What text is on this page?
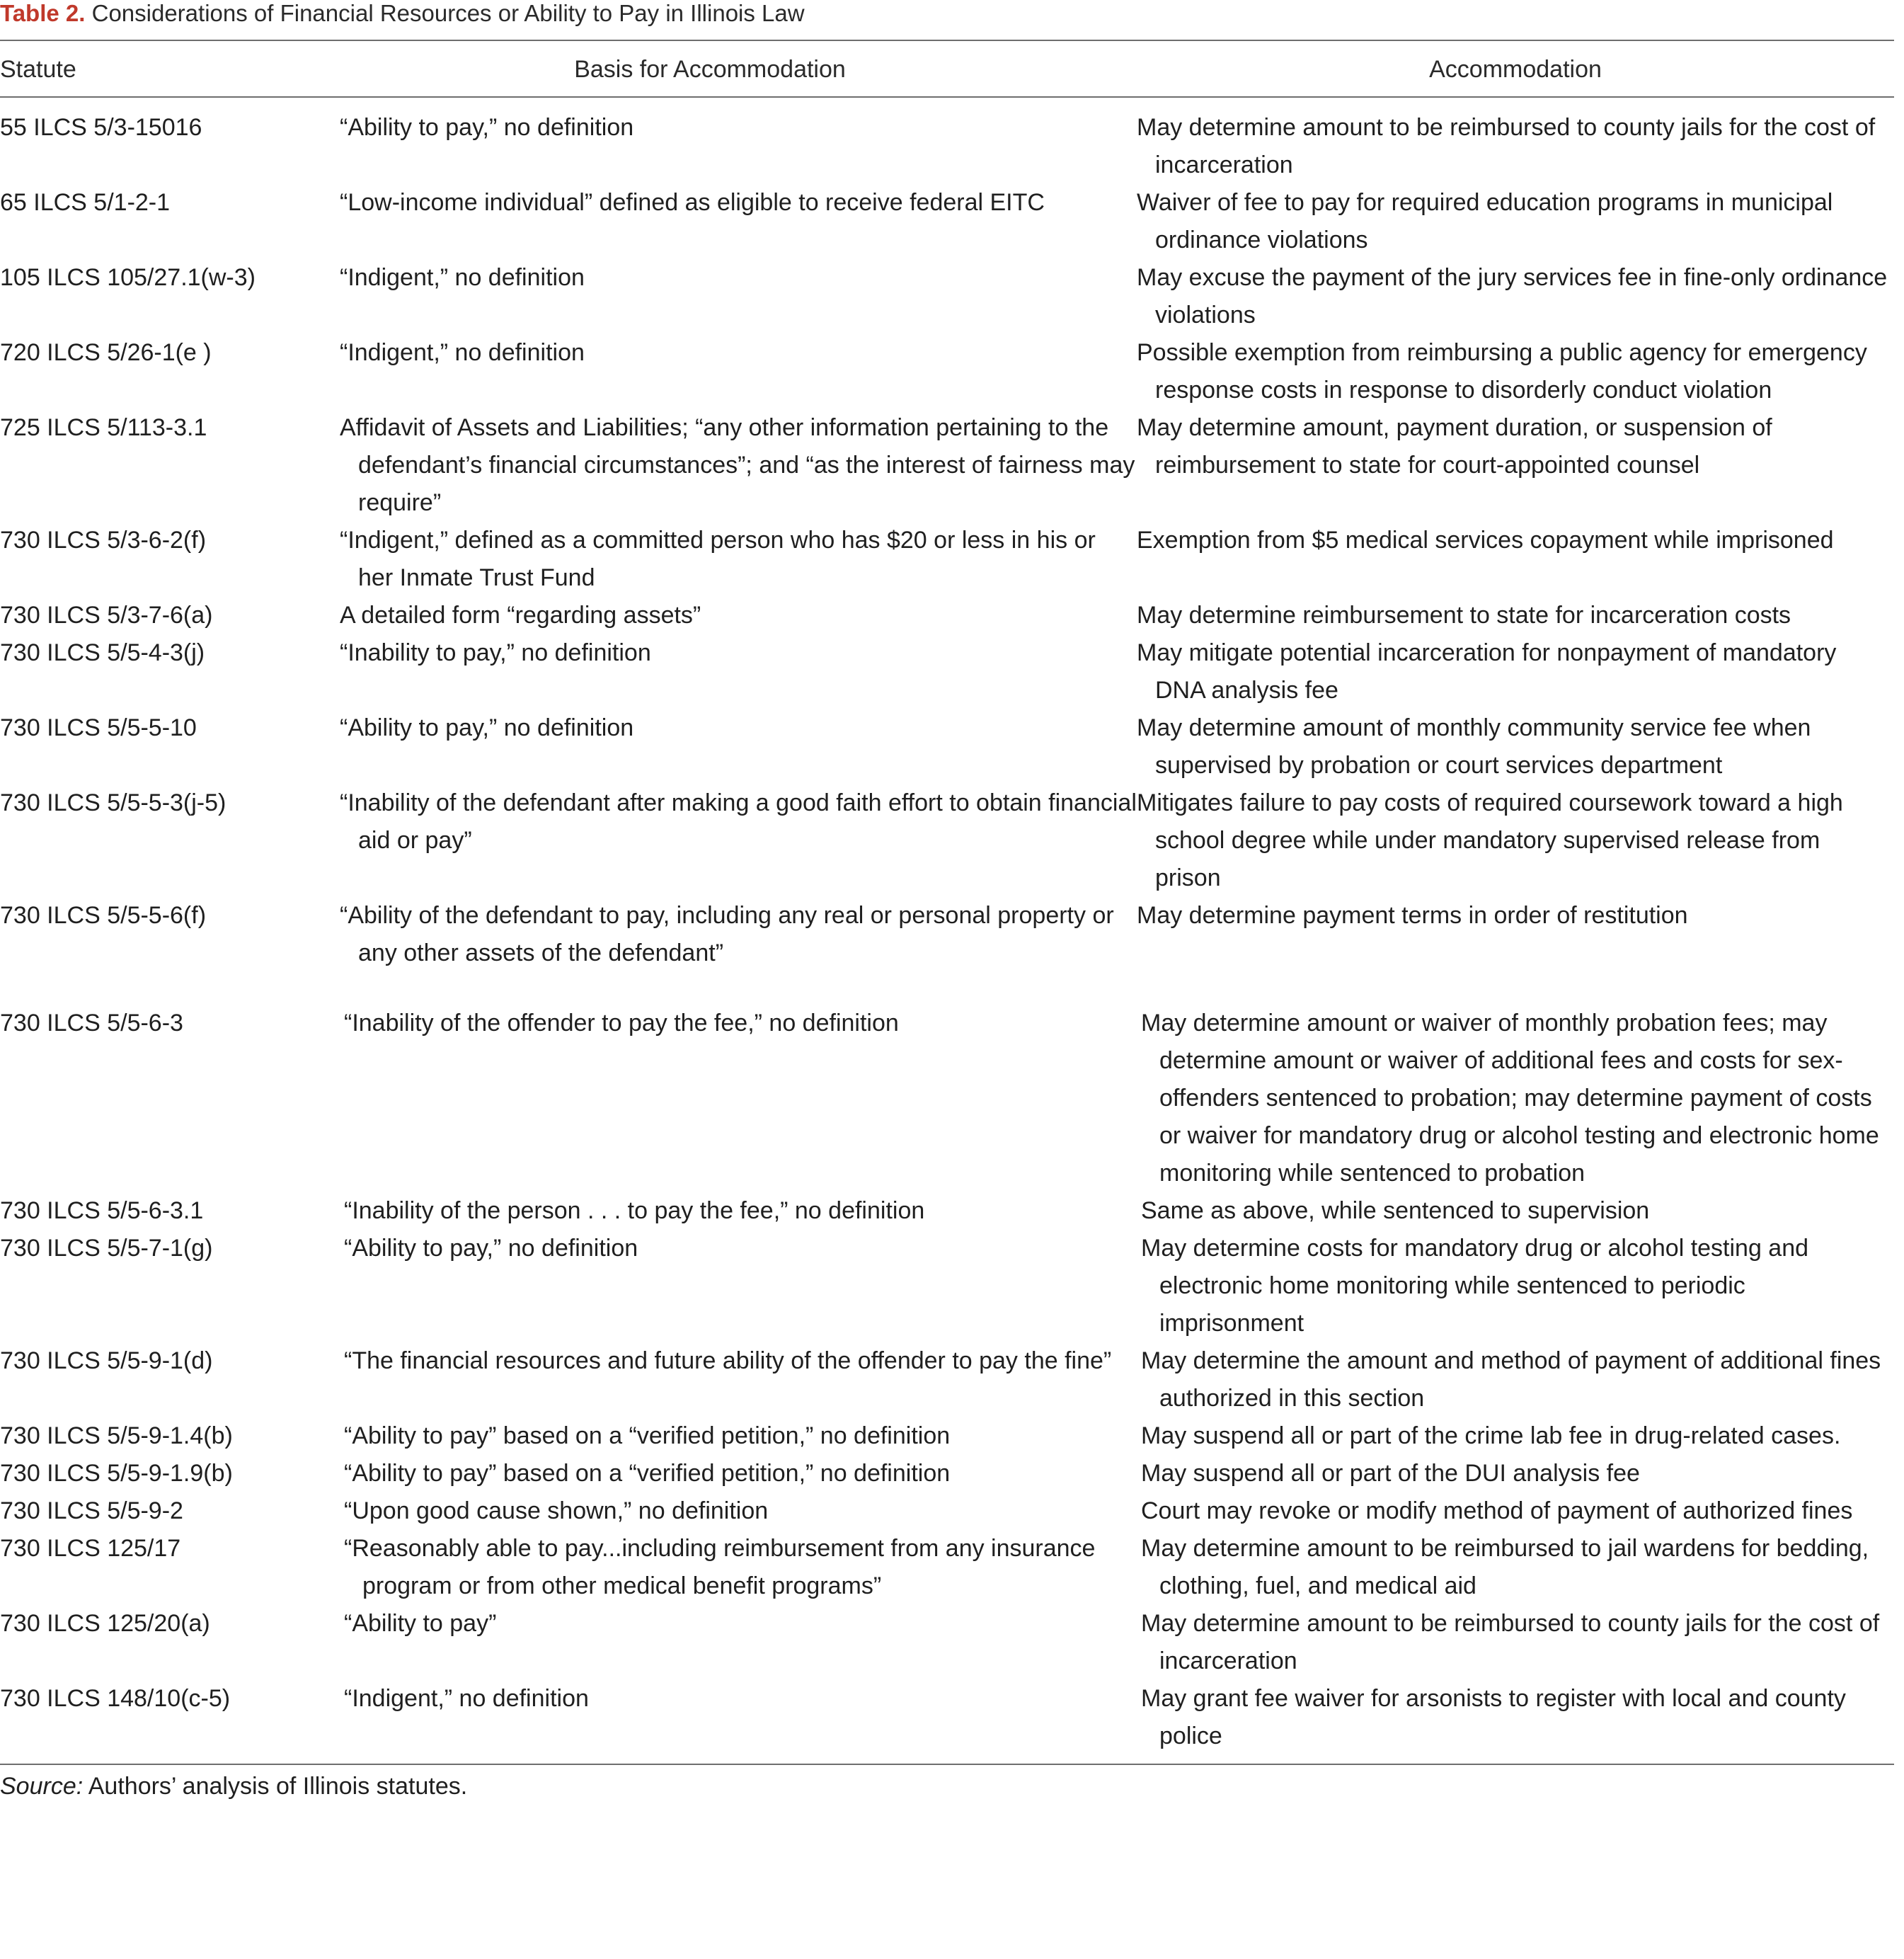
Table 2. Considerations of Financial Resources or Ability to Pay in Illinois Law
Statute	Basis for Accommodation	Accommodation

55 ILCS 5/3-15016	“Ability to pay,” no definition	May determine amount to be reimbursed to county jails for the cost of incarceration

65 ILCS 5/1-2-1	“Low-income individual” defined as eligible to receive federal EITC	Waiver of fee to pay for required education programs in municipal ordinance violations

105 ILCS 105/27.1(w-3)	“Indigent,” no definition	May excuse the payment of the jury services fee in fine-only ordinance violations

720 ILCS 5/26-1(e )	“Indigent,” no definition	Possible exemption from reimbursing a public agency for emergency response costs in response to disorderly conduct violation

725 ILCS 5/113-3.1	Affidavit of Assets and Liabilities; “any other information pertaining to the defendant’s financial circumstances”; and “as the interest of fairness may require”	May determine amount, payment duration, or suspension of reimbursement to state for court-appointed counsel

730 ILCS 5/3-6-2(f)	“Indigent,” defined as a committed person who has $20 or less in his or her Inmate Trust Fund	Exemption from $5 medical services copayment while imprisoned

730 ILCS 5/3-7-6(a)	A detailed form “regarding assets”	May determine reimbursement to state for incarceration costs

730 ILCS 5/5-4-3(j)	“Inability to pay,” no definition	May mitigate potential incarceration for nonpayment of mandatory DNA analysis fee

730 ILCS 5/5-5-10	“Ability to pay,” no definition	May determine amount of monthly community service fee when supervised by probation or court services department

730 ILCS 5/5-5-3(j-5)	“Inability of the defendant after making a good faith effort to obtain financial aid or pay”	Mitigates failure to pay costs of required coursework toward a high school degree while under mandatory supervised release from prison

730 ILCS 5/5-5-6(f)	“Ability of the defendant to pay, including any real or personal property or any other assets of the defendant”	May determine payment terms in order of restitution

730 ILCS 5/5-6-3	“Inability of the offender to pay the fee,” no definition	May determine amount or waiver of monthly probation fees; may determine amount or waiver of additional fees and costs for sex-offenders sentenced to probation; may determine payment of costs or waiver for mandatory drug or alcohol testing and electronic home monitoring while sentenced to probation

730 ILCS 5/5-6-3.1	“Inability of the person . . . to pay the fee,” no definition	Same as above, while sentenced to supervision

730 ILCS 5/5-7-1(g)	“Ability to pay,” no definition	May determine costs for mandatory drug or alcohol testing and electronic home monitoring while sentenced to periodic imprisonment

730 ILCS 5/5-9-1(d)	“The financial resources and future ability of the offender to pay the fine”	May determine the amount and method of payment of additional fines authorized in this section

730 ILCS 5/5-9-1.4(b)	“Ability to pay” based on a “verified petition,” no definition	May suspend all or part of the crime lab fee in drug-related cases.

730 ILCS 5/5-9-1.9(b)	“Ability to pay” based on a “verified petition,” no definition	May suspend all or part of the DUI analysis fee

730 ILCS 5/5-9-2	“Upon good cause shown,” no definition	Court may revoke or modify method of payment of authorized fines

730 ILCS 125/17	“Reasonably able to pay...including reimbursement from any insurance program or from other medical benefit programs”	May determine amount to be reimbursed to jail wardens for bedding, clothing, fuel, and medical aid

730 ILCS 125/20(a)	“Ability to pay”	May determine amount to be reimbursed to county jails for the cost of incarceration

730 ILCS 148/10(c-5)	“Indigent,” no definition	May grant fee waiver for arsonists to register with local and county police
Source: Authors’ analysis of Illinois statutes.
